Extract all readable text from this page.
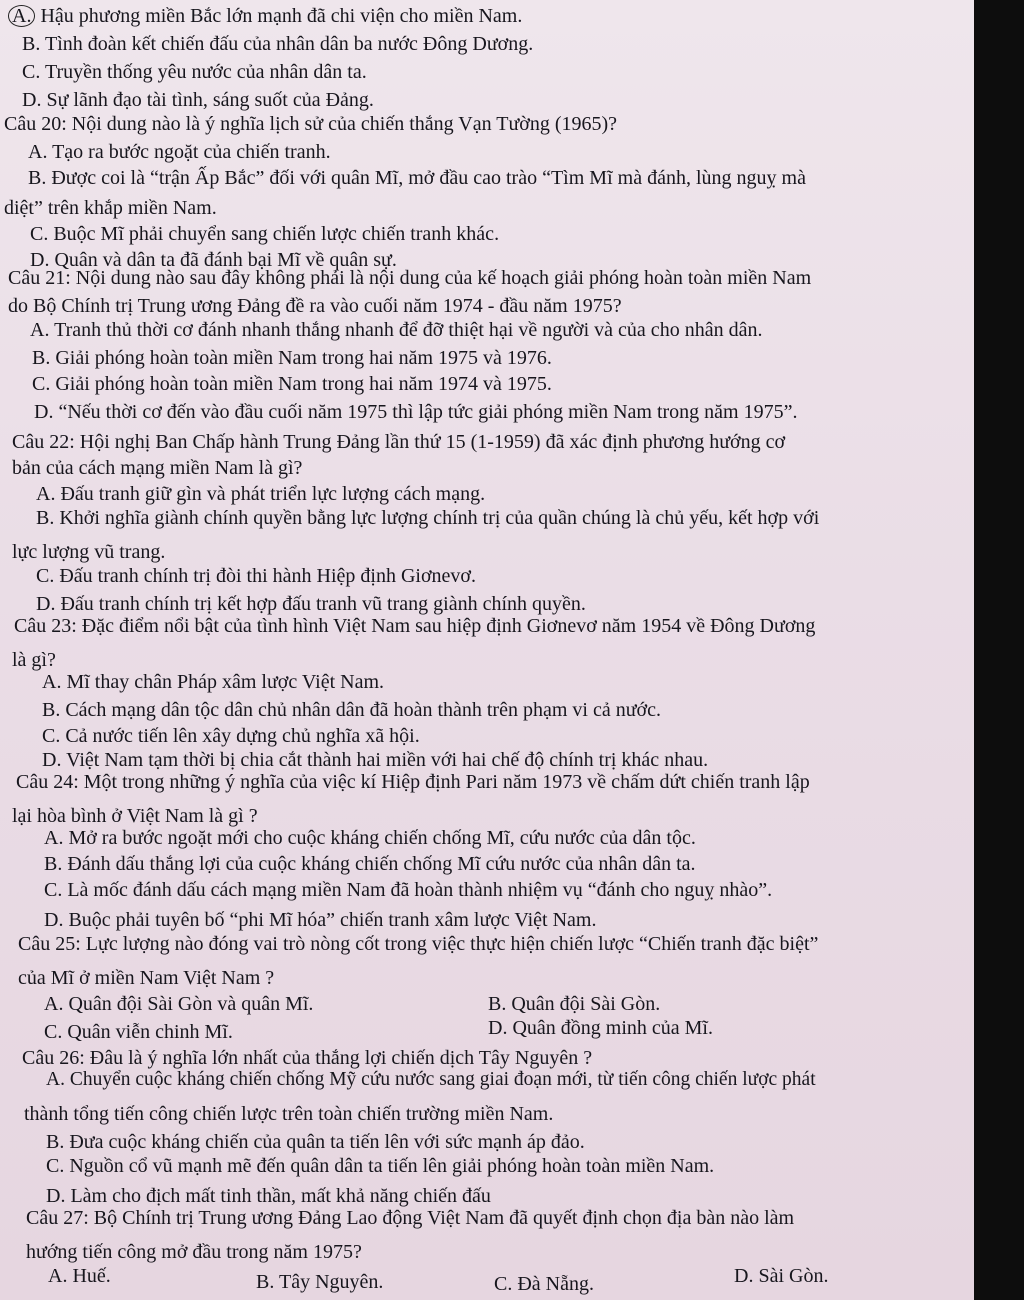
A. Hậu phương miền Bắc lớn mạnh đã chi viện cho miền Nam.
B. Tình đoàn kết chiến đấu của nhân dân ba nước Đông Dương.
C. Truyền thống yêu nước của nhân dân ta.
D. Sự lãnh đạo tài tình, sáng suốt của Đảng.
Câu 20: Nội dung nào là ý nghĩa lịch sử của chiến thắng Vạn Tường (1965)?
A. Tạo ra bước ngoặt của chiến tranh.
B. Được coi là “trận Ấp Bắc” đối với quân Mĩ, mở đầu cao trào “Tìm Mĩ mà đánh, lùng nguỵ mà
diệt” trên khắp miền Nam.
C. Buộc Mĩ phải chuyển sang chiến lược chiến tranh khác.
D. Quân và dân ta đã đánh bại Mĩ về quân sự.
Câu 21: Nội dung nào sau đây không phải là nội dung của kế hoạch giải phóng hoàn toàn miền Nam
do Bộ Chính trị Trung ương Đảng đề ra vào cuối năm 1974 - đầu năm 1975?
A. Tranh thủ thời cơ đánh nhanh thắng nhanh để đỡ thiệt hại về người và của cho nhân dân.
B. Giải phóng hoàn toàn miền Nam trong hai năm 1975 và 1976.
C. Giải phóng hoàn toàn miền Nam trong hai năm 1974 và 1975.
D. “Nếu thời cơ đến vào đầu cuối năm 1975 thì lập tức giải phóng miền Nam trong năm 1975”.
Câu 22: Hội nghị Ban Chấp hành Trung Đảng lần thứ 15 (1-1959) đã xác định phương hướng cơ
bản của cách mạng miền Nam là gì?
A. Đấu tranh giữ gìn và phát triển lực lượng cách mạng.
B. Khởi nghĩa giành chính quyền bằng lực lượng chính trị của quần chúng là chủ yếu, kết hợp với
lực lượng vũ trang.
C. Đấu tranh chính trị đòi thi hành Hiệp định Giơnevơ.
D. Đấu tranh chính trị kết hợp đấu tranh vũ trang giành chính quyền.
Câu 23: Đặc điểm nổi bật của tình hình Việt Nam sau hiệp định Giơnevơ năm 1954 về Đông Dương
là gì?
A. Mĩ thay chân Pháp xâm lược Việt Nam.
B. Cách mạng dân tộc dân chủ nhân dân đã hoàn thành trên phạm vi cả nước.
C. Cả nước tiến lên xây dựng chủ nghĩa xã hội.
D. Việt Nam tạm thời bị chia cắt thành hai miền với hai chế độ chính trị khác nhau.
Câu 24: Một trong những ý nghĩa của việc kí Hiệp định Pari năm 1973 về chấm dứt chiến tranh lập
lại hòa bình ở Việt Nam là gì ?
A. Mở ra bước ngoặt mới cho cuộc kháng chiến chống Mĩ, cứu nước của dân tộc.
B. Đánh dấu thắng lợi của cuộc kháng chiến chống Mĩ cứu nước của nhân dân ta.
C. Là mốc đánh dấu cách mạng miền Nam đã hoàn thành nhiệm vụ “đánh cho nguỵ nhào”.
D. Buộc phải tuyên bố “phi Mĩ hóa” chiến tranh xâm lược Việt Nam.
Câu 25: Lực lượng nào đóng vai trò nòng cốt trong việc thực hiện chiến lược “Chiến tranh đặc biệt”
của Mĩ ở miền Nam Việt Nam ?
A. Quân đội Sài Gòn và quân Mĩ.	B. Quân đội Sài Gòn.
C. Quân viễn chinh Mĩ.	D. Quân đồng minh của Mĩ.
Câu 26: Đâu là ý nghĩa lớn nhất của thắng lợi chiến dịch Tây Nguyên ?
A. Chuyển cuộc kháng chiến chống Mỹ cứu nước sang giai đoạn mới, từ tiến công chiến lược phát
thành tổng tiến công chiến lược trên toàn chiến trường miền Nam.
B. Đưa cuộc kháng chiến của quân ta tiến lên với sức mạnh áp đảo.
C. Nguồn cổ vũ mạnh mẽ đến quân dân ta tiến lên giải phóng hoàn toàn miền Nam.
D. Làm cho địch mất tinh thần, mất khả năng chiến đấu
Câu 27: Bộ Chính trị Trung ương Đảng Lao động Việt Nam đã quyết định chọn địa bàn nào làm
hướng tiến công mở đầu trong năm 1975?
A. Huế.	B. Tây Nguyên.	C. Đà Nẵng.	D. Sài Gòn.
